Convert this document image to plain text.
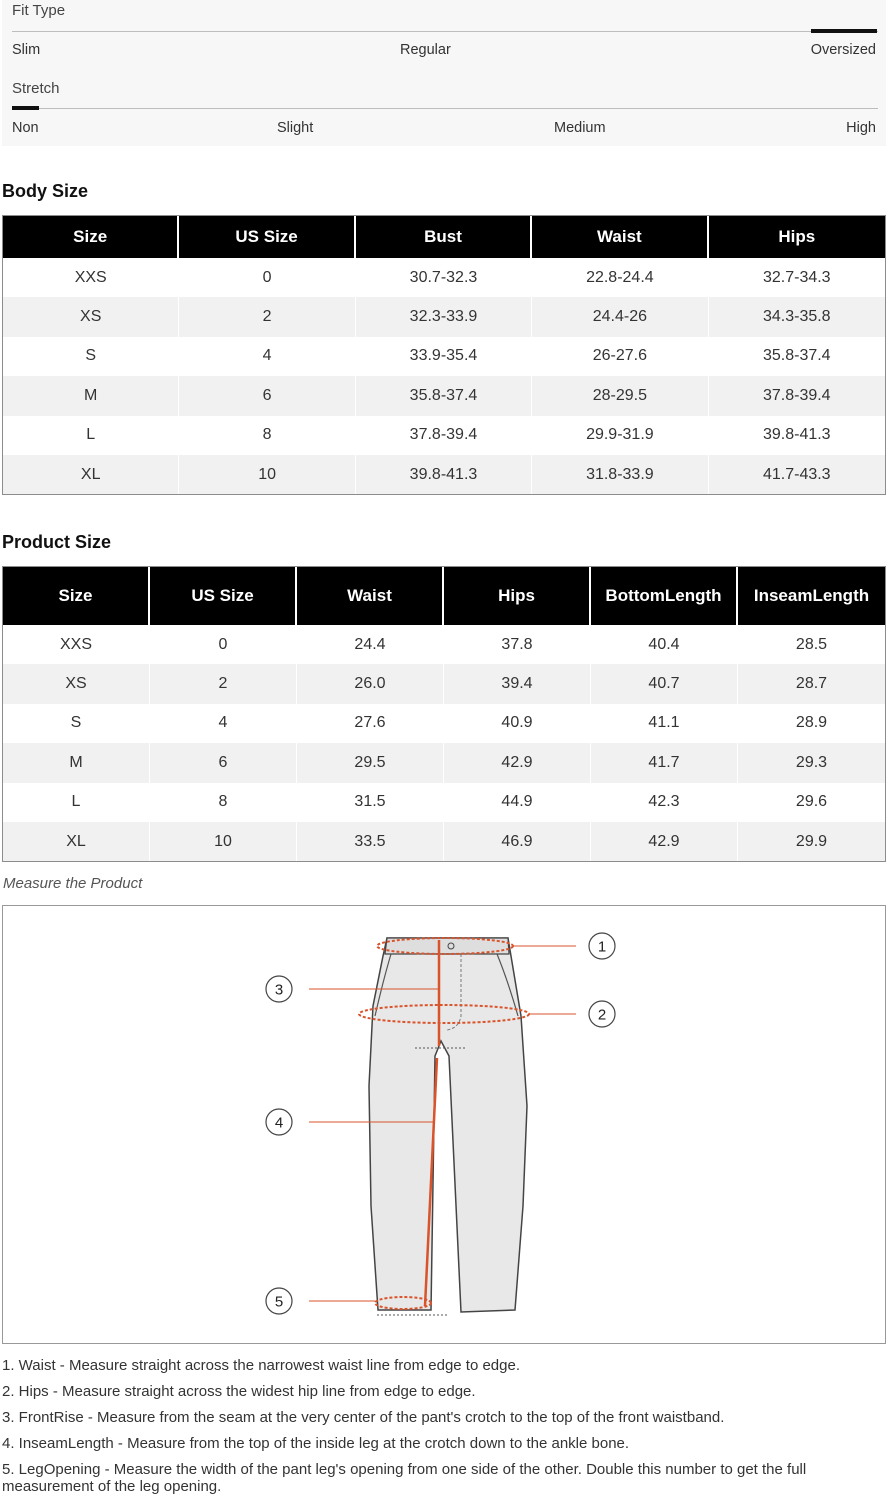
Fit Type
Slim	Regular	Oversized
Stretch
Non	Slight	Medium	High
Body Size
Size	US Size	Bust	Waist	Hips
XXS	0	30.7-32.3	22.8-24.4	32.7-34.3
XS	2	32.3-33.9	24.4-26	34.3-35.8
S	4	33.9-35.4	26-27.6	35.8-37.4
M	6	35.8-37.4	28-29.5	37.8-39.4
L	8	37.8-39.4	29.9-31.9	39.8-41.3
XL	10	39.8-41.3	31.8-33.9	41.7-43.3
Product Size
Size	US Size	Waist	Hips	BottomLength	InseamLength
XXS	0	24.4	37.8	40.4	28.5
XS	2	26.0	39.4	40.7	28.7
S	4	27.6	40.9	41.1	28.9
M	6	29.5	42.9	41.7	29.3
L	8	31.5	44.9	42.3	29.6
XL	10	33.5	46.9	42.9	29.9
Measure the Product
1
2
3
4
5
1. Waist - Measure straight across the narrowest waist line from edge to edge.
2. Hips - Measure straight across the widest hip line from edge to edge.
3. FrontRise - Measure from the seam at the very center of the pant's crotch to the top of the front waistband.
4. InseamLength - Measure from the top of the inside leg at the crotch down to the ankle bone.
5. LegOpening - Measure the width of the pant leg's opening from one side of the other. Double this number to get the full measurement of the leg opening.
